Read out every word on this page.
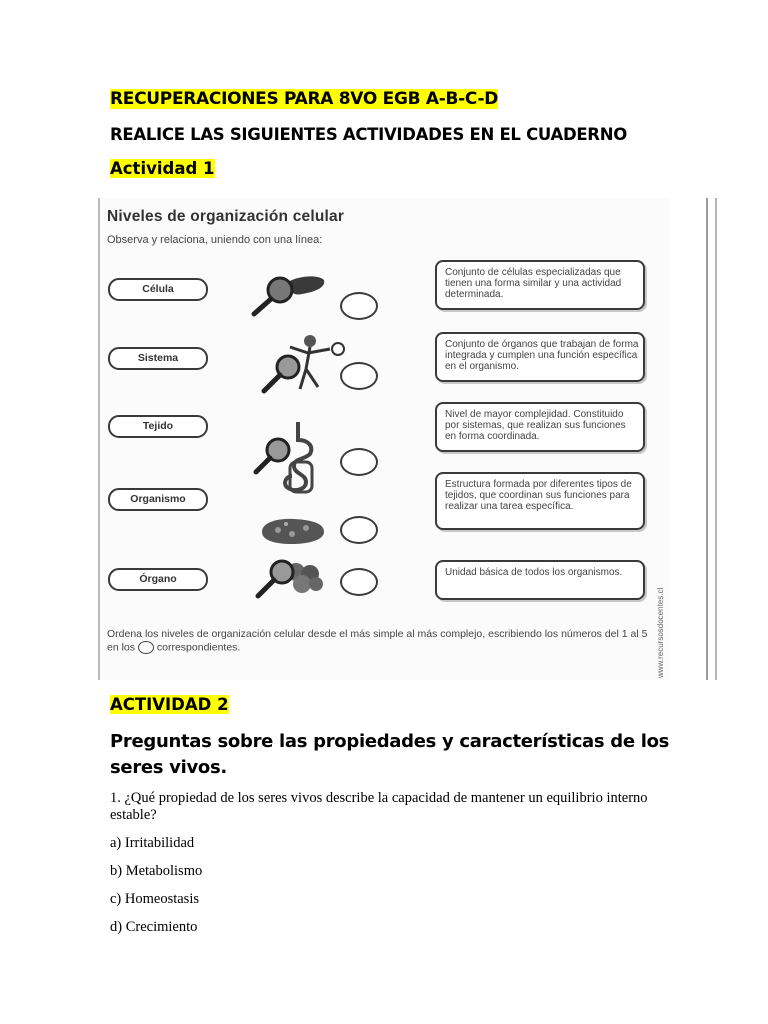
RECUPERACIONES PARA 8VO EGB A-B-C-D
REALICE LAS SIGUIENTES ACTIVIDADES EN EL CUADERNO
Actividad 1
Niveles de organización celular
Observa y relaciona, uniendo con una línea:
Célula
Sistema
Tejido
Organismo
Órgano
Conjunto de células especializadas que tienen una forma similar y una actividad determinada.
Conjunto de órganos que trabajan de forma integrada y cumplen una función específica en el organismo.
Nivel de mayor complejidad. Constituido por sistemas, que realizan sus funciones en forma coordinada.
Estructura formada por diferentes tipos de tejidos, que coordinan sus funciones para realizar una tarea específica.
Unidad básica de todos los organismos.
Ordena los niveles de organización celular desde el más simple al más complejo, escribiendo los números del 1 al 5 en los correspondientes.	www.recursosdocentes.cl
ACTIVIDAD 2
Preguntas sobre las propiedades y características de los seres vivos.
1. ¿Qué propiedad de los seres vivos describe la capacidad de mantener un equilibrio interno estable?
a) Irritabilidad
b) Metabolismo
c) Homeostasis
d) Crecimiento
